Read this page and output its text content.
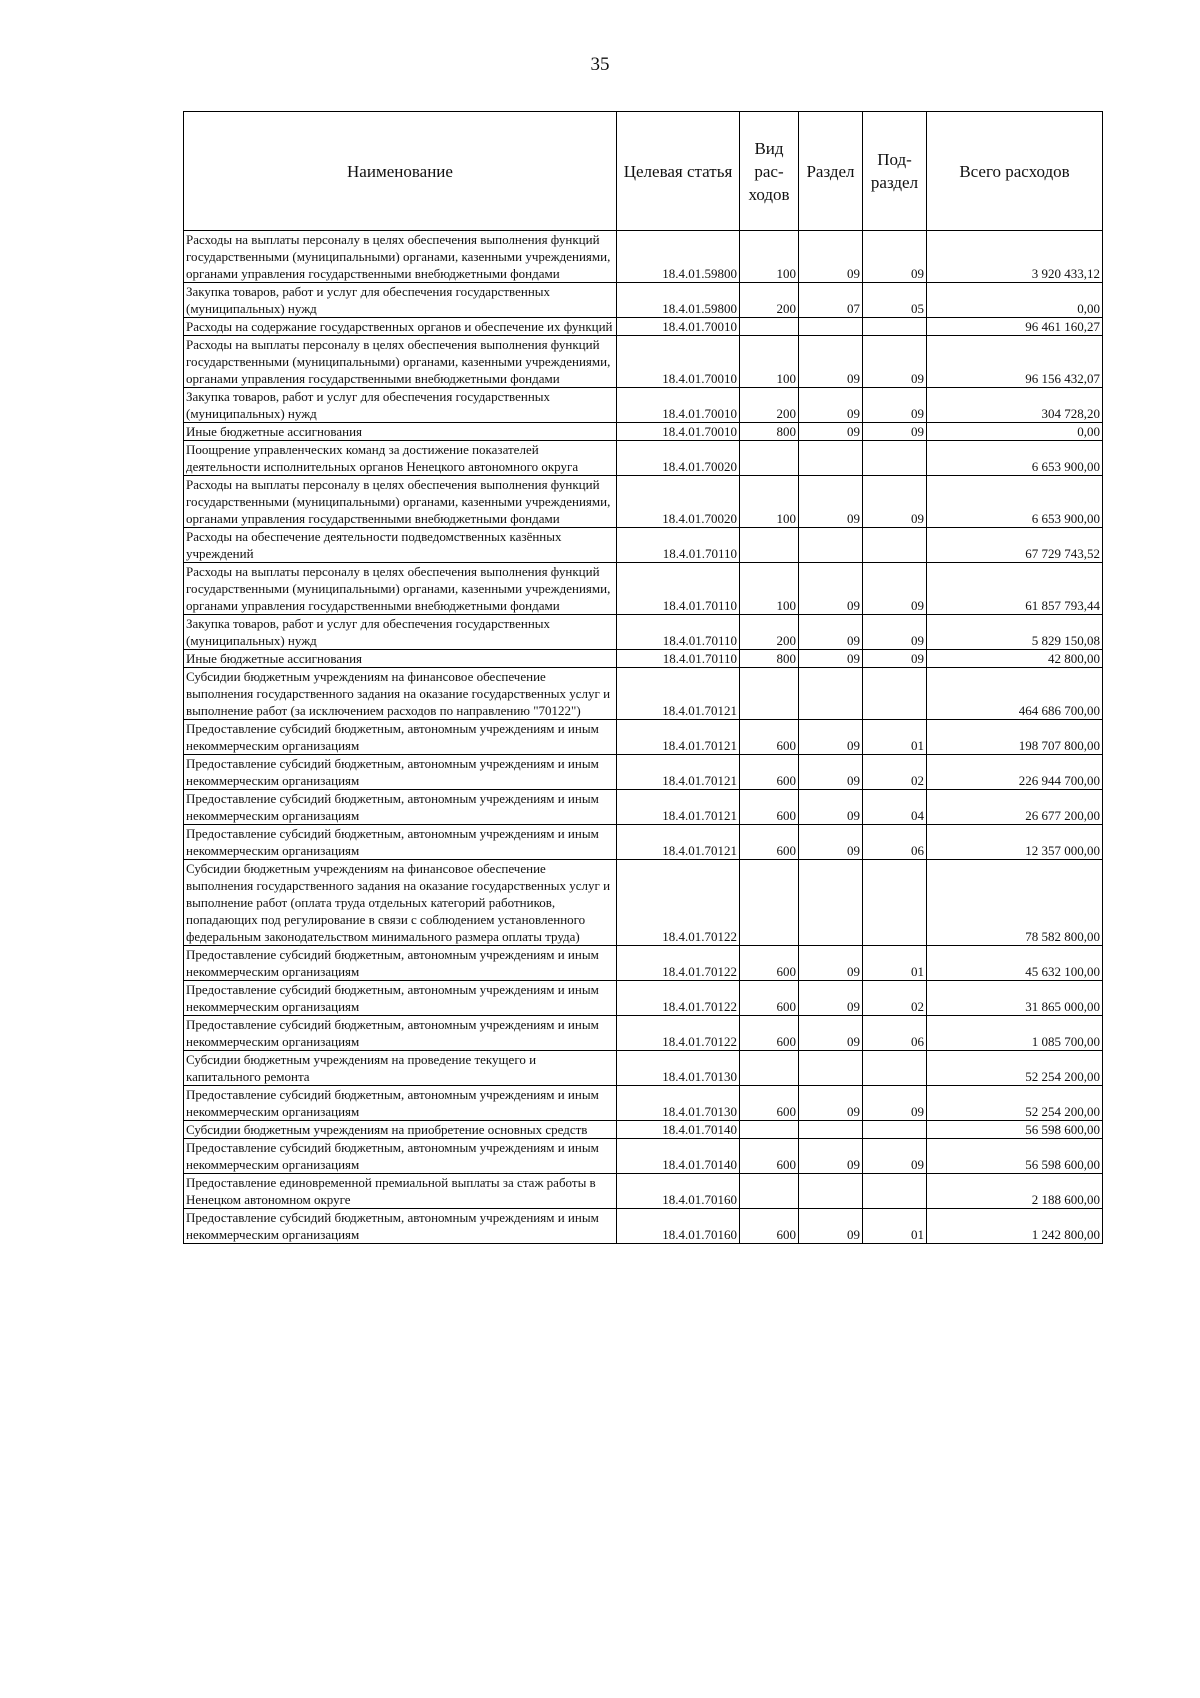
35
Наименование	Целевая статья	Вид рас-ходов	Раздел	Под-раздел	Всего расходов
Расходы на выплаты персоналу в целях обеспечения выполнения функций государственными (муниципальными) органами, казенными учреждениями, органами управления государственными внебюджетными фондами	18.4.01.59800	100	09	09	3 920 433,12
Закупка товаров, работ и услуг для обеспечения государственных (муниципальных) нужд	18.4.01.59800	200	07	05	0,00
Расходы на содержание государственных органов и обеспечение их функций	18.4.01.70010				96 461 160,27
Расходы на выплаты персоналу в целях обеспечения выполнения функций государственными (муниципальными) органами, казенными учреждениями, органами управления государственными внебюджетными фондами	18.4.01.70010	100	09	09	96 156 432,07
Закупка товаров, работ и услуг для обеспечения государственных (муниципальных) нужд	18.4.01.70010	200	09	09	304 728,20
Иные бюджетные ассигнования	18.4.01.70010	800	09	09	0,00
Поощрение управленческих команд за достижение показателей деятельности исполнительных органов Ненецкого автономного округа	18.4.01.70020				6 653 900,00
Расходы на выплаты персоналу в целях обеспечения выполнения функций государственными (муниципальными) органами, казенными учреждениями, органами управления государственными внебюджетными фондами	18.4.01.70020	100	09	09	6 653 900,00
Расходы на обеспечение деятельности подведомственных казённых учреждений	18.4.01.70110				67 729 743,52
Расходы на выплаты персоналу в целях обеспечения выполнения функций государственными (муниципальными) органами, казенными учреждениями, органами управления государственными внебюджетными фондами	18.4.01.70110	100	09	09	61 857 793,44
Закупка товаров, работ и услуг для обеспечения государственных (муниципальных) нужд	18.4.01.70110	200	09	09	5 829 150,08
Иные бюджетные ассигнования	18.4.01.70110	800	09	09	42 800,00
Субсидии бюджетным учреждениям на финансовое обеспечение выполнения государственного задания на оказание государственных услуг и выполнение работ (за исключением расходов по направлению "70122")	18.4.01.70121				464 686 700,00
Предоставление субсидий бюджетным, автономным учреждениям и иным некоммерческим организациям	18.4.01.70121	600	09	01	198 707 800,00
Предоставление субсидий бюджетным, автономным учреждениям и иным некоммерческим организациям	18.4.01.70121	600	09	02	226 944 700,00
Предоставление субсидий бюджетным, автономным учреждениям и иным некоммерческим организациям	18.4.01.70121	600	09	04	26 677 200,00
Предоставление субсидий бюджетным, автономным учреждениям и иным некоммерческим организациям	18.4.01.70121	600	09	06	12 357 000,00
Субсидии бюджетным учреждениям на финансовое обеспечение выполнения государственного задания на оказание государственных услуг и выполнение работ (оплата труда отдельных категорий работников, попадающих под регулирование в связи с соблюдением установленного федеральным законодательством минимального размера оплаты труда)	18.4.01.70122				78 582 800,00
Предоставление субсидий бюджетным, автономным учреждениям и иным некоммерческим организациям	18.4.01.70122	600	09	01	45 632 100,00
Предоставление субсидий бюджетным, автономным учреждениям и иным некоммерческим организациям	18.4.01.70122	600	09	02	31 865 000,00
Предоставление субсидий бюджетным, автономным учреждениям и иным некоммерческим организациям	18.4.01.70122	600	09	06	1 085 700,00
Субсидии бюджетным учреждениям на проведение текущего и капитального ремонта	18.4.01.70130				52 254 200,00
Предоставление субсидий бюджетным, автономным учреждениям и иным некоммерческим организациям	18.4.01.70130	600	09	09	52 254 200,00
Субсидии бюджетным учреждениям на приобретение основных средств	18.4.01.70140				56 598 600,00
Предоставление субсидий бюджетным, автономным учреждениям и иным некоммерческим организациям	18.4.01.70140	600	09	09	56 598 600,00
Предоставление единовременной премиальной выплаты за стаж работы в Ненецком автономном округе	18.4.01.70160				2 188 600,00
Предоставление субсидий бюджетным, автономным учреждениям и иным некоммерческим организациям	18.4.01.70160	600	09	01	1 242 800,00
